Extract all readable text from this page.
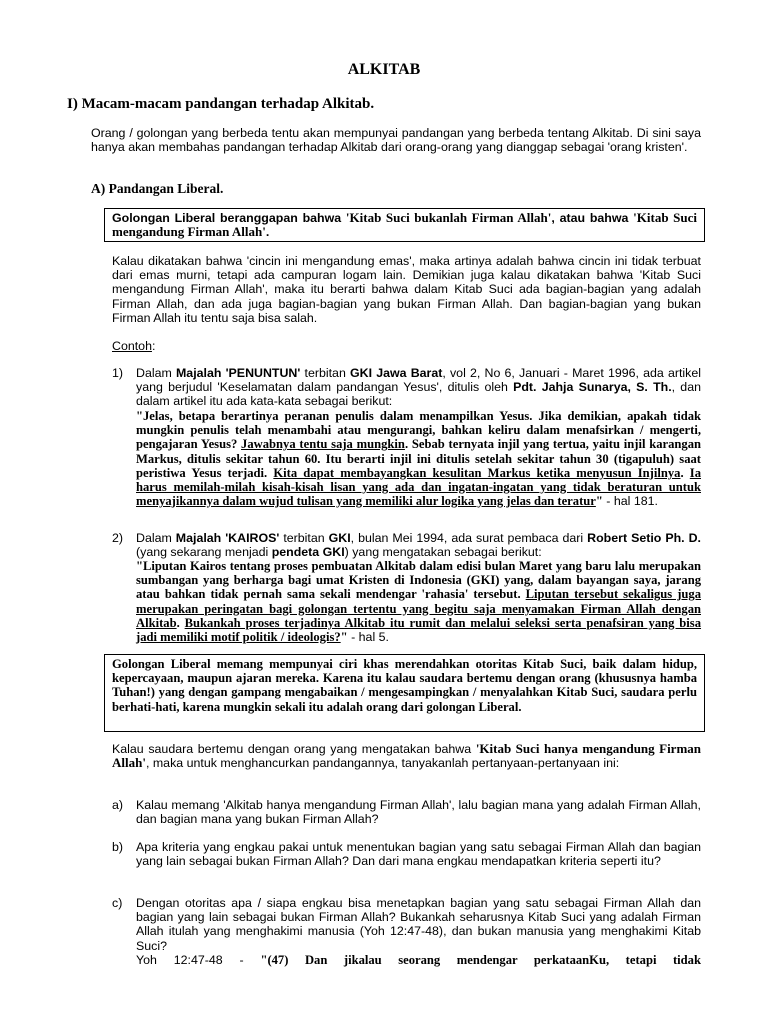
ALKITAB
I) Macam-macam pandangan terhadap Alkitab.

Orang / golongan yang berbeda tentu akan mempunyai pandangan yang berbeda tentang Alkitab. Di sini saya hanya akan membahas pandangan terhadap Alkitab dari orang-orang yang dianggap sebagai 'orang kristen'.

A) Pandangan Liberal.

Golongan Liberal beranggapan bahwa 'Kitab Suci bukanlah Firman Allah', atau bahwa 'Kitab Suci mengandung Firman Allah'.

Kalau dikatakan bahwa 'cincin ini mengandung emas', maka artinya adalah bahwa cincin ini tidak terbuat dari emas murni, tetapi ada campuran logam lain. Demikian juga kalau dikatakan bahwa 'Kitab Suci mengandung Firman Allah', maka itu berarti bahwa dalam Kitab Suci ada bagian-bagian yang adalah Firman Allah, dan ada juga bagian-bagian yang bukan Firman Allah. Dan bagian-bagian yang bukan Firman Allah itu tentu saja bisa salah.

Contoh:

1) Dalam Majalah 'PENUNTUN' terbitan GKI Jawa Barat, vol 2, No 6, Januari - Maret 1996, ada artikel yang berjudul 'Keselamatan dalam pandangan Yesus', ditulis oleh Pdt. Jahja Sunarya, S. Th., dan dalam artikel itu ada kata-kata sebagai berikut:

"Jelas, betapa berartinya peranan penulis dalam menampilkan Yesus. Jika demikian, apakah tidak mungkin penulis telah menambahi atau mengurangi, bahkan keliru dalam menafsirkan / mengerti, pengajaran Yesus? Jawabnya tentu saja mungkin. Sebab ternyata injil yang tertua, yaitu injil karangan Markus, ditulis sekitar tahun 60. Itu berarti injil ini ditulis setelah sekitar tahun 30 (tigapuluh) saat peristiwa Yesus terjadi. Kita dapat membayangkan kesulitan Markus ketika menyusun Injilnya. Ia harus memilah-milah kisah-kisah lisan yang ada dan ingatan-ingatan yang tidak beraturan untuk menyajikannya dalam wujud tulisan yang memiliki alur logika yang jelas dan teratur" - hal 181.

2) Dalam Majalah 'KAIROS' terbitan GKI, bulan Mei 1994, ada surat pembaca dari Robert Setio Ph. D. (yang sekarang menjadi pendeta GKI) yang mengatakan sebagai berikut:

"Liputan Kairos tentang proses pembuatan Alkitab dalam edisi bulan Maret yang baru lalu merupakan sumbangan yang berharga bagi umat Kristen di Indonesia (GKI) yang, dalam bayangan saya, jarang atau bahkan tidak pernah sama sekali mendengar 'rahasia' tersebut. Liputan tersebut sekaligus juga merupakan peringatan bagi golongan tertentu yang begitu saja menyamakan Firman Allah dengan Alkitab. Bukankah proses terjadinya Alkitab itu rumit dan melalui seleksi serta penafsiran yang bisa jadi memiliki motif politik / ideologis?" - hal 5.

Golongan Liberal memang mempunyai ciri khas merendahkan otoritas Kitab Suci, baik dalam hidup, kepercayaan, maupun ajaran mereka. Karena itu kalau saudara bertemu dengan orang (khususnya hamba Tuhan!) yang dengan gampang mengabaikan / mengesampingkan / menyalahkan Kitab Suci, saudara perlu berhati-hati, karena mungkin sekali itu adalah orang dari golongan Liberal.

Kalau saudara bertemu dengan orang yang mengatakan bahwa 'Kitab Suci hanya mengandung Firman Allah', maka untuk menghancurkan pandangannya, tanyakanlah pertanyaan-pertanyaan ini:

a) Kalau memang 'Alkitab hanya mengandung Firman Allah', lalu bagian mana yang adalah Firman Allah, dan bagian mana yang bukan Firman Allah?

b) Apa kriteria yang engkau pakai untuk menentukan bagian yang satu sebagai Firman Allah dan bagian yang lain sebagai bukan Firman Allah? Dan dari mana engkau mendapatkan kriteria seperti itu?

c) Dengan otoritas apa / siapa engkau bisa menetapkan bagian yang satu sebagai Firman Allah dan bagian yang lain sebagai bukan Firman Allah? Bukankah seharusnya Kitab Suci yang adalah Firman Allah itulah yang menghakimi manusia (Yoh 12:47-48), dan bukan manusia yang menghakimi Kitab Suci?

Yoh 12:47-48 - "(47) Dan jikalau seorang mendengar perkataanKu, tetapi tidak
